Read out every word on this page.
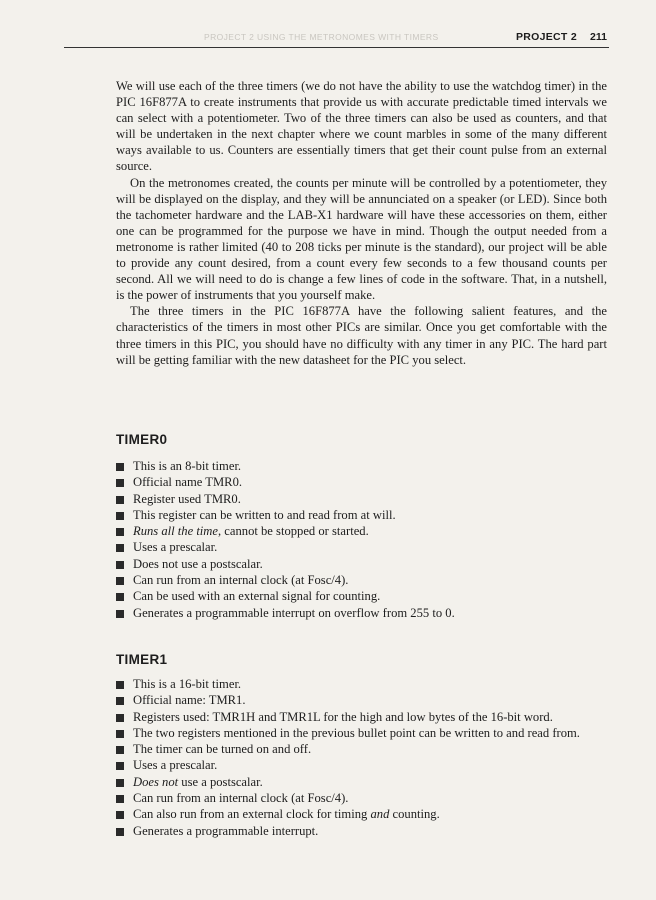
PROJECT 2 USING THE METRONOMES WITH TIMERS	PROJECT 2 211

We will use each of the three timers (we do not have the ability to use the watchdog timer) in the PIC 16F877A to create instruments that provide us with accurate predictable timed intervals we can select with a potentiometer. Two of the three timers can also be used as counters, and that will be undertaken in the next chapter where we count marbles in some of the many different ways available to us. Counters are essentially timers that get their count pulse from an external source.

On the metronomes created, the counts per minute will be controlled by a potentiometer, they will be displayed on the display, and they will be annunciated on a speaker (or LED). Since both the tachometer hardware and the LAB-X1 hardware will have these accessories on them, either one can be programmed for the purpose we have in mind. Though the output needed from a metronome is rather limited (40 to 208 ticks per minute is the standard), our project will be able to provide any count desired, from a count every few seconds to a few thousand counts per second. All we will need to do is change a few lines of code in the software. That, in a nutshell, is the power of instruments that you yourself make.

The three timers in the PIC 16F877A have the following salient features, and the characteristics of the timers in most other PICs are similar. Once you get comfortable with the three timers in this PIC, you should have no difficulty with any timer in any PIC. The hard part will be getting familiar with the new datasheet for the PIC you select.

TIMER0
This is an 8-bit timer.
Official name TMR0.
Register used TMR0.
This register can be written to and read from at will.
Runs all the time, cannot be stopped or started.
Uses a prescalar.
Does not use a postscalar.
Can run from an internal clock (at Fosc/4).
Can be used with an external signal for counting.
Generates a programmable interrupt on overflow from 255 to 0.
TIMER1
This is a 16-bit timer.
Official name: TMR1.
Registers used: TMR1H and TMR1L for the high and low bytes of the 16-bit word.
The two registers mentioned in the previous bullet point can be written to and read from.
The timer can be turned on and off.
Uses a prescalar.
Does not use a postscalar.
Can run from an internal clock (at Fosc/4).
Can also run from an external clock for timing and counting.
Generates a programmable interrupt.
